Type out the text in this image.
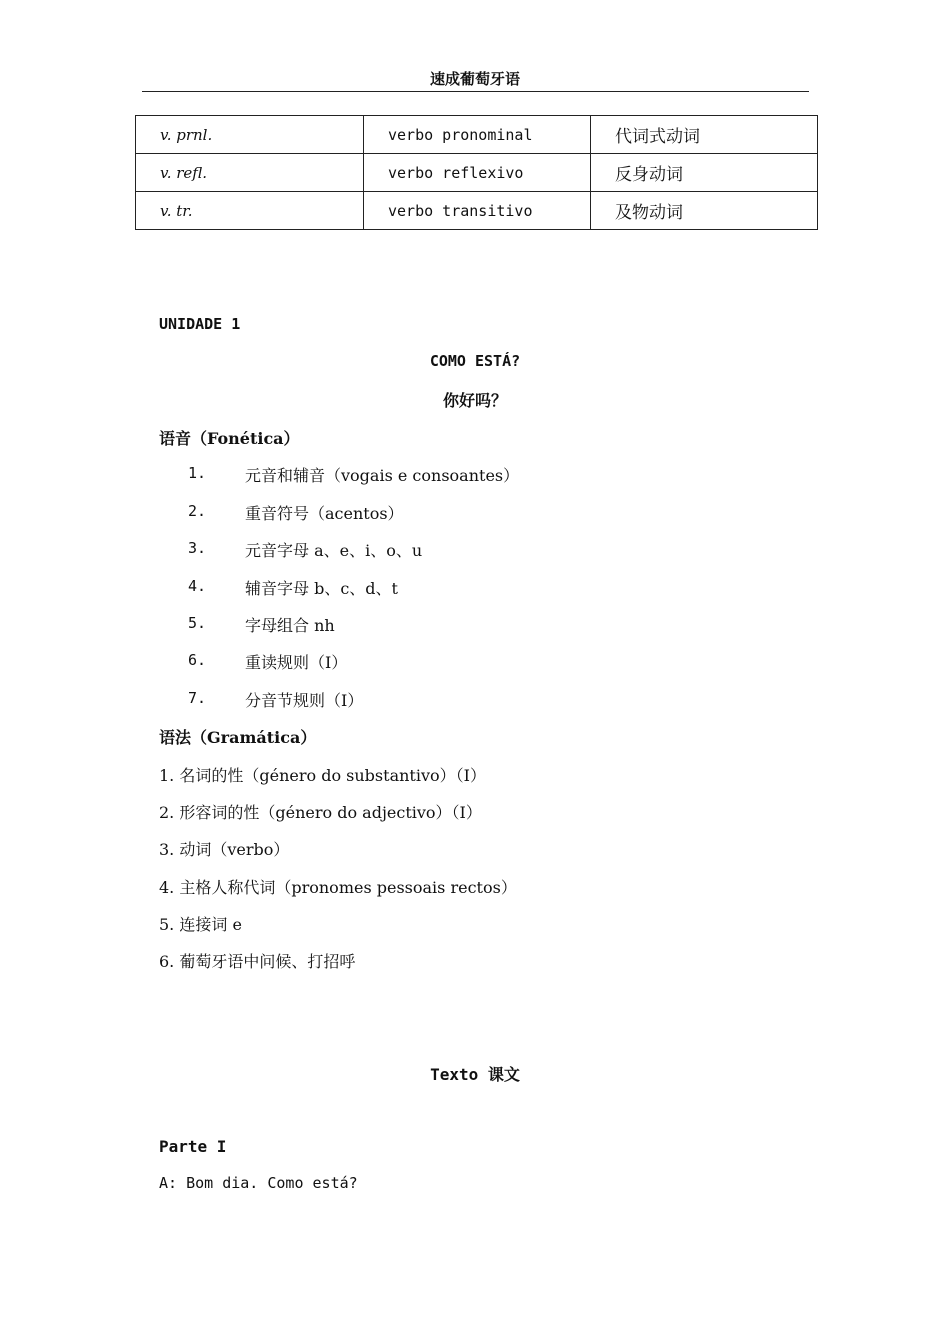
速成葡萄牙语
v. prnl.	verbo pronominal	代词式动词
v. refl.	verbo reflexivo	反身动词
v. tr.	verbo transitivo	及物动词
UNIDADE 1
COMO ESTÁ?
你好吗？
语音（Fonética）
1. 元音和辅音（vogais e consoantes）
2. 重音符号（acentos）
3. 元音字母 a、e、i、o、u
4. 辅音字母 b、c、d、t
5. 字母组合 nh
6. 重读规则（I）
7. 分音节规则（I）
语法（Gramática）
1. 名词的性（género do substantivo）（I）
2. 形容词的性（género do adjectivo）（I）
3. 动词（verbo）
4. 主格人称代词（pronomes pessoais rectos）
5. 连接词 e
6. 葡萄牙语中问候、打招呼
Texto 课文
Parte I
A: Bom dia. Como está?
